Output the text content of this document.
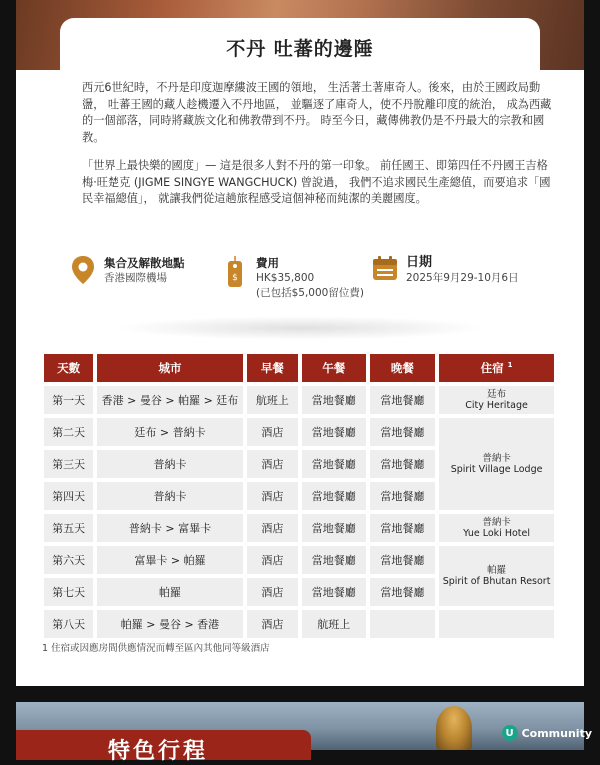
不丹 吐蕃的邊陲

西元6世紀時，不丹是印度迦摩縷波王國的領地， 生活著土著庫奇人。後來，由於王國政局動盪， 吐蕃王國的藏人趁機遷入不丹地區， 並驅逐了庫奇人，使不丹脫離印度的統治， 成為西藏的一個部落，同時將藏族文化和佛教帶到不丹。 時至今日，藏傳佛教仍是不丹最大的宗教和國教。

「世界上最快樂的國度」— 這是很多人對不丹的第一印象。 前任國王、即第四任不丹國王吉格梅·旺楚克 (JIGME SINGYE WANGCHUCK) 曾說過， 我們不追求國民生產總值，而要追求「國民幸福總值」， 就讓我們從這趟旅程感受這個神秘而純潔的美麗國度。

集合及解散地點
香港國際機場	$
費用
HK$35,800
(已包括$5,000留位費)
日期
2025年9月29-10月6日
天數	城市	早餐	午餐	晚餐	住宿 $^1$
第一天	香港 > 曼谷 > 帕羅 > 廷布	航班上	當地餐廳	當地餐廳	廷布
City Heritage

第二天	廷布 > 普納卡	酒店	當地餐廳	當地餐廳	普納卡
Spirit Village Lodge

第三天	普納卡	酒店	當地餐廳	當地餐廳	
第四天	普納卡	酒店	當地餐廳	當地餐廳	
第五天	普納卡 > 富畢卡	酒店	當地餐廳	當地餐廳	普納卡
Yue Loki Hotel

第六天	富畢卡 > 帕羅	酒店	當地餐廳	當地餐廳	帕羅
Spirit of Bhutan Resort

第七天	帕羅	酒店	當地餐廳	當地餐廳	
第八天	帕羅 > 曼谷 > 香港	酒店	航班上		
1 住宿或因應房間供應情況而轉至區內其他同等級酒店
特色行程
U Community
